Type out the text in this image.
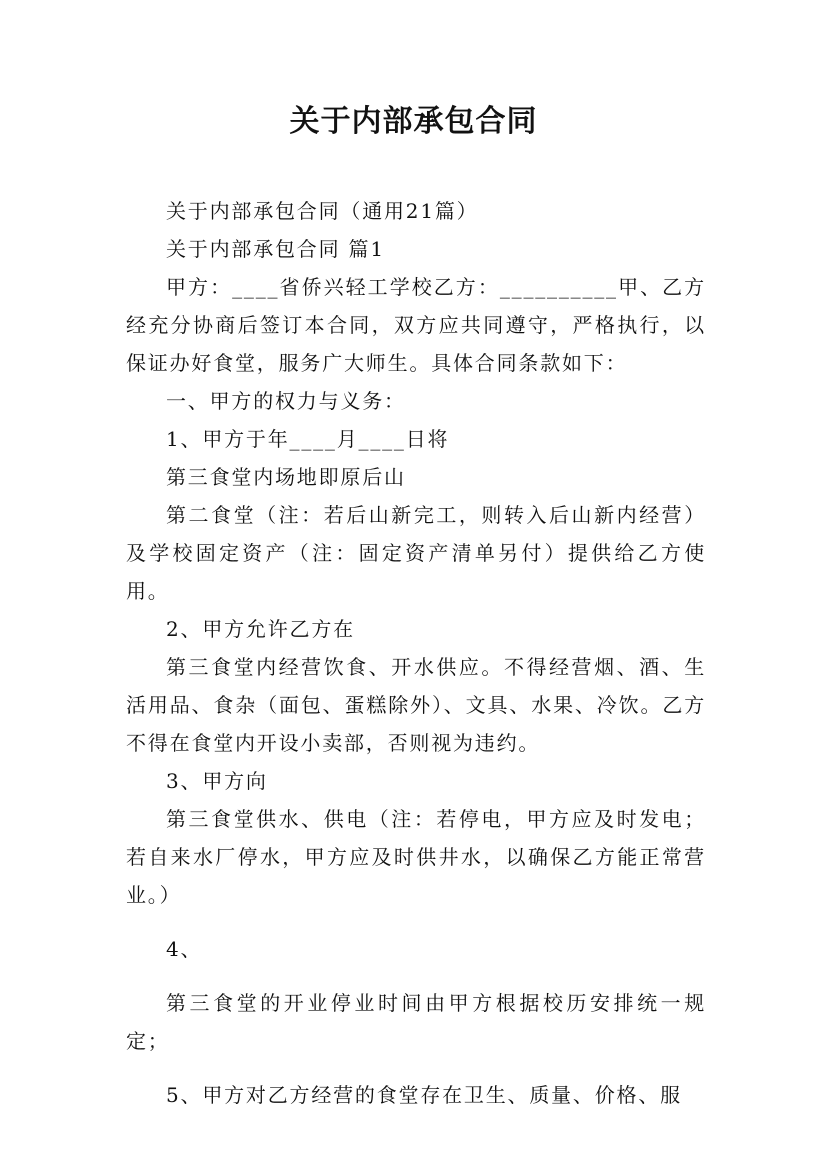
关于内部承包合同

关于内部承包合同（通用21篇）

关于内部承包合同 篇1

甲方：____省侨兴轻工学校乙方：__________甲、乙方经充分协商后签订本合同，双方应共同遵守，严格执行，以保证办好食堂，服务广大师生。具体合同条款如下：

一、甲方的权力与义务：

1、甲方于年____月____日将

第三食堂内场地即原后山

第二食堂（注：若后山新完工，则转入后山新内经营）及学校固定资产（注：固定资产清单另付）提供给乙方使用。

2、甲方允许乙方在

第三食堂内经营饮食、开水供应。不得经营烟、酒、生活用品、食杂（面包、蛋糕除外）、文具、水果、冷饮。乙方不得在食堂内开设小卖部，否则视为违约。

3、甲方向

第三食堂供水、供电（注：若停电，甲方应及时发电；若自来水厂停水，甲方应及时供井水，以确保乙方能正常营业。）

4、

第三食堂的开业停业时间由甲方根据校历安排统一规定；

5、甲方对乙方经营的食堂存在卫生、质量、价格、服
